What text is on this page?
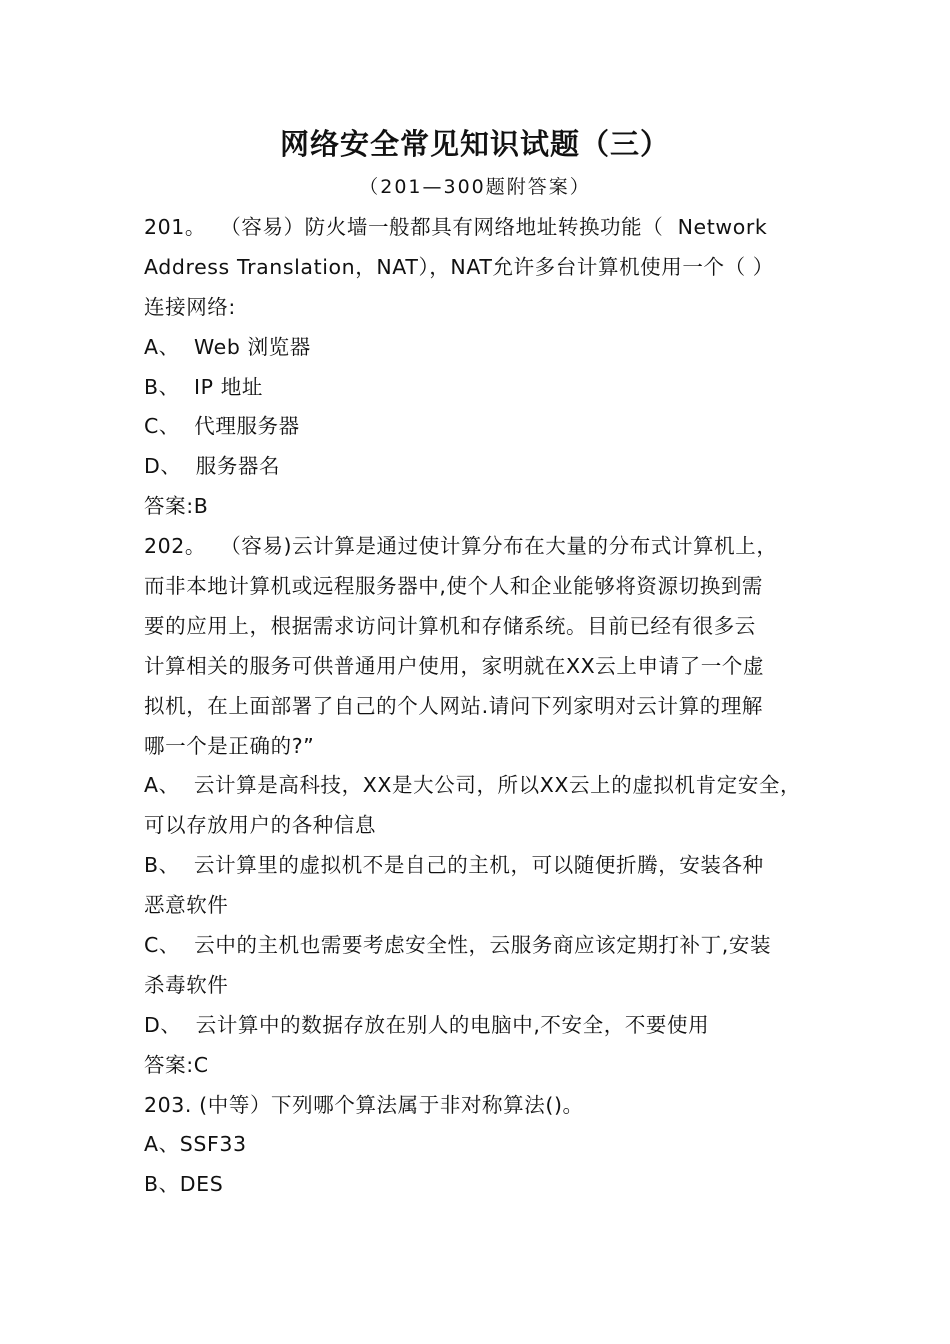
网络安全常见知识试题（三）
（201—300题附答案）
201。  （容易）防火墙一般都具有网络地址转换功能（  Network
Address Translation，NAT），NAT允许多台计算机使用一个（ ）
连接网络:
A、  Web 浏览器
B、  IP 地址
C、  代理服务器
D、  服务器名
答案:B
202。  （容易)云计算是通过使计算分布在大量的分布式计算机上，
而非本地计算机或远程服务器中,使个人和企业能够将资源切换到需
要的应用上，根据需求访问计算机和存储系统。目前已经有很多云
计算相关的服务可供普通用户使用，家明就在XX云上申请了一个虚
拟机，在上面部署了自己的个人网站.请问下列家明对云计算的理解
哪一个是正确的?”
A、  云计算是高科技，XX是大公司，所以XX云上的虚拟机肯定安全，
可以存放用户的各种信息
B、  云计算里的虚拟机不是自己的主机，可以随便折腾，安装各种
恶意软件
C、  云中的主机也需要考虑安全性，云服务商应该定期打补丁,安装
杀毒软件
D、  云计算中的数据存放在别人的电脑中,不安全，不要使用
答案:C
203. (中等）下列哪个算法属于非对称算法()。
A、SSF33
B、DES
